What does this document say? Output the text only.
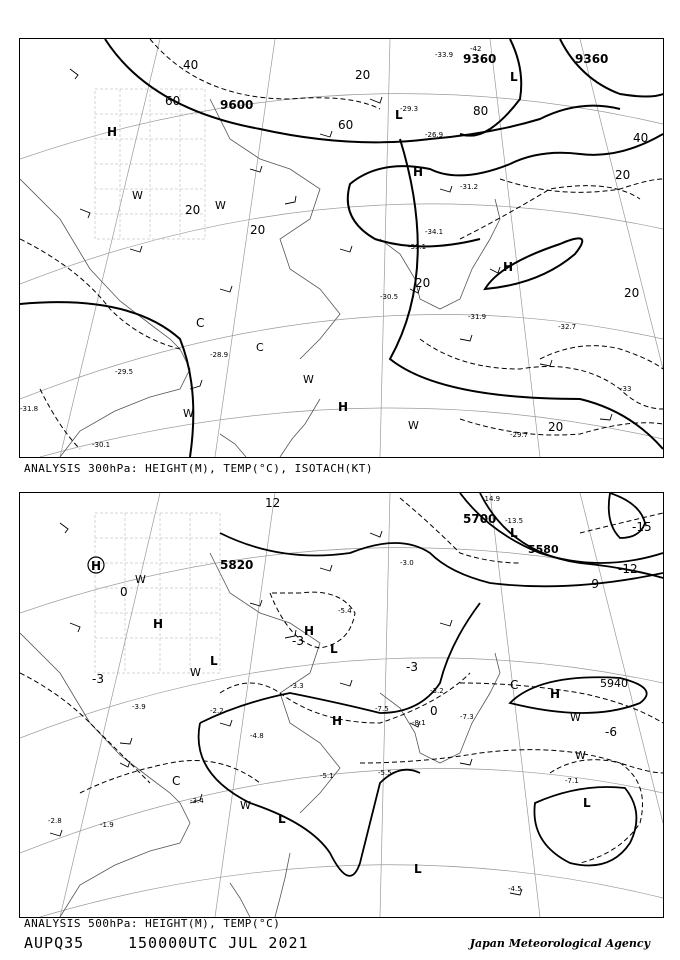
9600
9360	9360
40
40
60
60
80
20
20
20
20
20
20
20
H
H
H
H
L
L
C
W
W
W
W
W
C
-42
-33.9
-29.3
-26.9
-31.2
-34.1
-35.1
-30.5
-31.9
-32.7
-29.7
-28.9
-29.5
-30.1
-31.8
-33
ANALYSIS 300hPa: HEIGHT(M), TEMP(°C), ISOTACH(KT)
5700
5820
5940
5580
-15
-12
-9
-6
-3
-3
-3
0
0
12
H
H	H
H
H
L
L
L
L
L
L
C
C
W
W
W
W
W
-14.9
-13.5
-7.1
-4.5
-3.0
-3.2
-5.1
-7.5
-8.1
-7.3
-2.2
-4.8
-3.9
-3.4
-1.9
-2.8
-3.3
-5.4
-5.5
ANALYSIS 500hPa: HEIGHT(M), TEMP(°C)
AUPQ35	150000UTC JUL 2021	Japan Meteorological Agency
